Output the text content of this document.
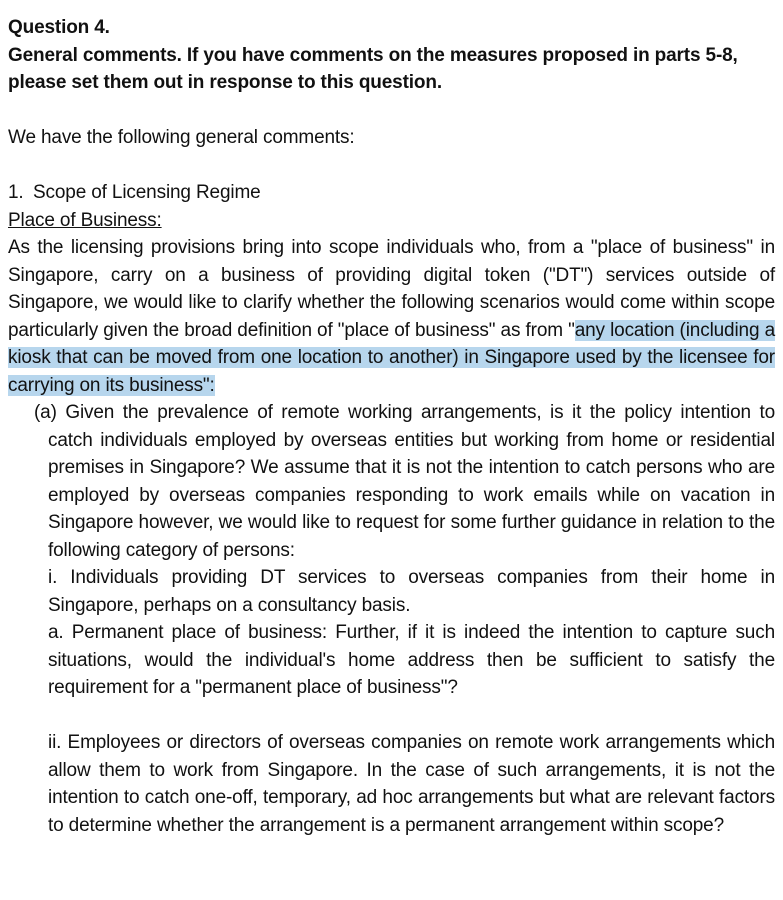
Question 4.

General comments. If you have comments on the measures proposed in parts 5-8, please set them out in response to this question.

We have the following general comments:

1. Scope of Licensing Regime

Place of Business:

As the licensing provisions bring into scope individuals who, from a "place of business" in Singapore, carry on a business of providing digital token ("DT") services outside of Singapore, we would like to clarify whether the following scenarios would come within scope particularly given the broad definition of "place of business" as from "any location (including a kiosk that can be moved from one location to another) in Singapore used by the licensee for carrying on its business":

(a) Given the prevalence of remote working arrangements, is it the policy intention to catch individuals employed by overseas entities but working from home or residential premises in Singapore? We assume that it is not the intention to catch persons who are employed by overseas companies responding to work emails while on vacation in Singapore however, we would like to request for some further guidance in relation to the following category of persons:

i. Individuals providing DT services to overseas companies from their home in Singapore, perhaps on a consultancy basis.

a. Permanent place of business: Further, if it is indeed the intention to capture such situations, would the individual's home address then be sufficient to satisfy the requirement for a "permanent place of business"?

ii. Employees or directors of overseas companies on remote work arrangements which allow them to work from Singapore. In the case of such arrangements, it is not the intention to catch one-off, temporary, ad hoc arrangements but what are relevant factors to determine whether the arrangement is a permanent arrangement within scope?
